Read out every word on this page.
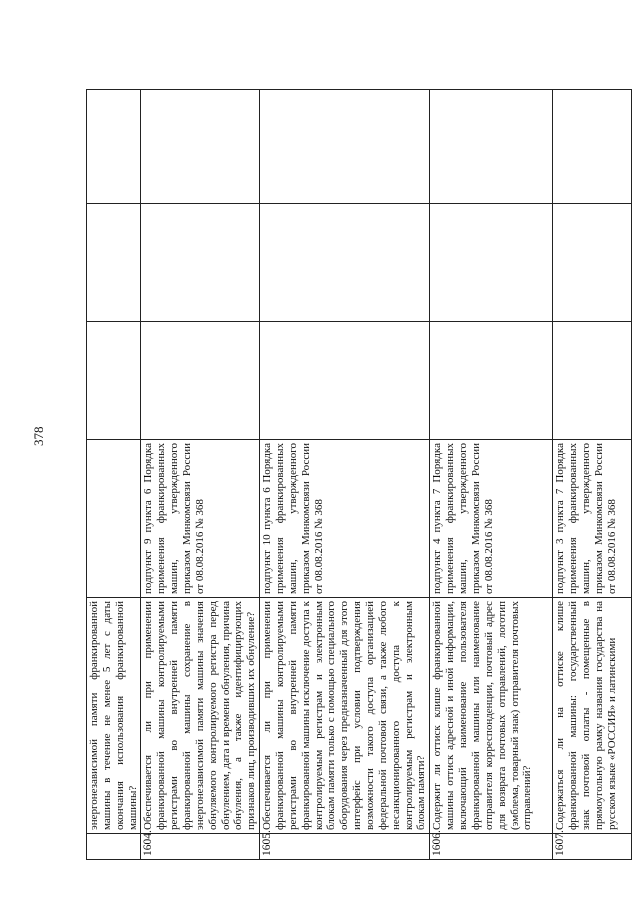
378
	энергонезависимой памяти франкированной машины в течение не менее 5 лет с даты окончания использования франкированной машины?				
1604.	Обеспечивается ли при применении франкированной машины контролируемыми регистрами во внутренней памяти франкированной машины сохранение в энергонезависимой памяти машины значения обнуляемого контролируемого регистра перед обнулением, дата и времени обнуления, причина обнуления, а также идентифицирующих признаков лиц, производивших их обнуление?	подпункт 9 пункта 6 Порядка применения франкированных машин, утвержденного приказом Минкомсвязи России от 08.08.2016 № 368			
1605.	Обеспечивается ли при применении франкированной машины контролируемыми регистрами во внутренней памяти франкированной машины исключение доступа к контролируемым регистрам и электронным блокам памяти только с помощью специального оборудования через предназначенный для этого интерфейс при условии подтверждения возможности такого доступа организацией федеральной почтовой связи, а также любого несанкционированного доступа к контролируемым регистрам и электронным блокам памяти?	подпункт 10 пункта 6 Порядка применения франкированных машин, утвержденного приказом Минкомсвязи России от 08.08.2016 № 368			
1606.	Содержит ли оттиск клише франкированной машины оттиск адресной и иной информации, включающий наименование пользователя франкированной машины или наименование отправителя корреспонденции, почтовый адрес для возврата почтовых отправлений, логотип (эмблема, товарный знак) отправителя почтовых отправлений?	подпункт 4 пункта 7 Порядка применения франкированных машин, утвержденного приказом Минкомсвязи России от 08.08.2016 № 368			
1607.	Содержаться ли на оттиске клише франкированной машины: государственный знак почтовой оплаты - помещенные в прямоугольную рамку названия государства на русском языке «РОССИЯ» и латинскими	подпункт 3 пункта 7 Порядка применения франкированных машин, утвержденного приказом Минкомсвязи России от 08.08.2016 № 368			
